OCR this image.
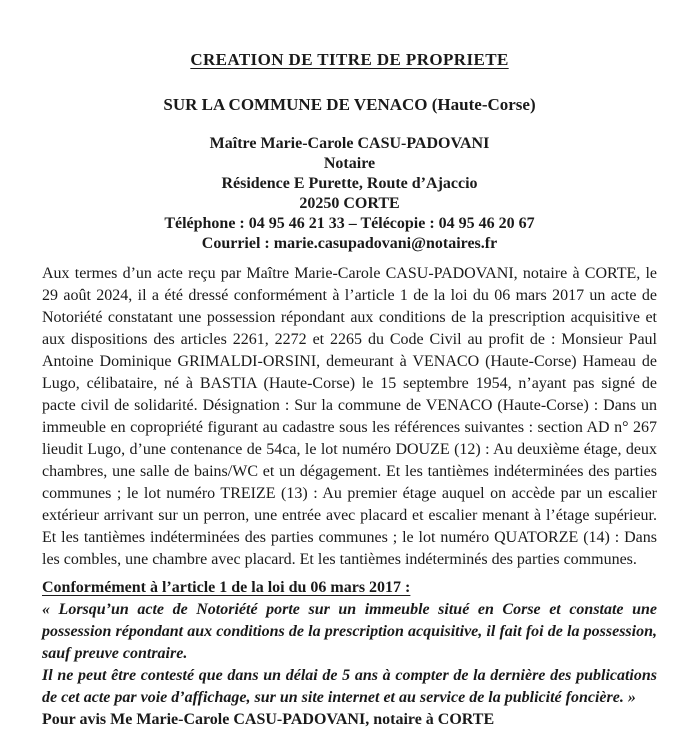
CREATION DE TITRE DE PROPRIETE
SUR LA COMMUNE DE VENACO (Haute-Corse)
Maître Marie-Carole CASU-PADOVANI
Notaire
Résidence E Purette, Route d’Ajaccio
20250 CORTE
Téléphone : 04 95 46 21 33 – Télécopie : 04 95 46 20 67
Courriel : marie.casupadovani@notaires.fr

Aux termes d’un acte reçu par Maître Marie-Carole CASU-PADOVANI, notaire à CORTE, le 29 août 2024, il a été dressé conformément à l’article 1 de la loi du 06 mars 2017 un acte de Notoriété constatant une possession répondant aux conditions de la prescription acquisitive et aux dispositions des articles 2261, 2272 et 2265 du Code Civil au profit de : Monsieur Paul Antoine Dominique GRIMALDI-ORSINI, demeurant à VENACO (Haute-Corse) Hameau de Lugo, célibataire, né à BASTIA (Haute-Corse) le 15 septembre 1954, n’ayant pas signé de pacte civil de solidarité. Désignation : Sur la commune de VENACO (Haute-Corse) : Dans un immeuble en copropriété figurant au cadastre sous les références suivantes : section AD n° 267 lieudit Lugo, d’une contenance de 54ca, le lot numéro DOUZE (12) : Au deuxième étage, deux chambres, une salle de bains/WC et un dégagement. Et les tantièmes indéterminées des parties communes ; le lot numéro TREIZE (13) : Au premier étage auquel on accède par un escalier extérieur arrivant sur un perron, une entrée avec placard et escalier menant à l’étage supérieur. Et les tantièmes indéterminées des parties communes ; le lot numéro QUATORZE (14) : Dans les combles, une chambre avec placard. Et les tantièmes indéterminés des parties communes.

Conformément à l’article 1 de la loi du 06 mars 2017 :

« Lorsqu’un acte de Notoriété porte sur un immeuble situé en Corse et constate une possession répondant aux conditions de la prescription acquisitive, il fait foi de la possession, sauf preuve contraire.

Il ne peut être contesté que dans un délai de 5 ans à compter de la dernière des publications de cet acte par voie d’affichage, sur un site internet et au service de la publicité foncière. »

Pour avis Me Marie-Carole CASU-PADOVANI, notaire à CORTE
